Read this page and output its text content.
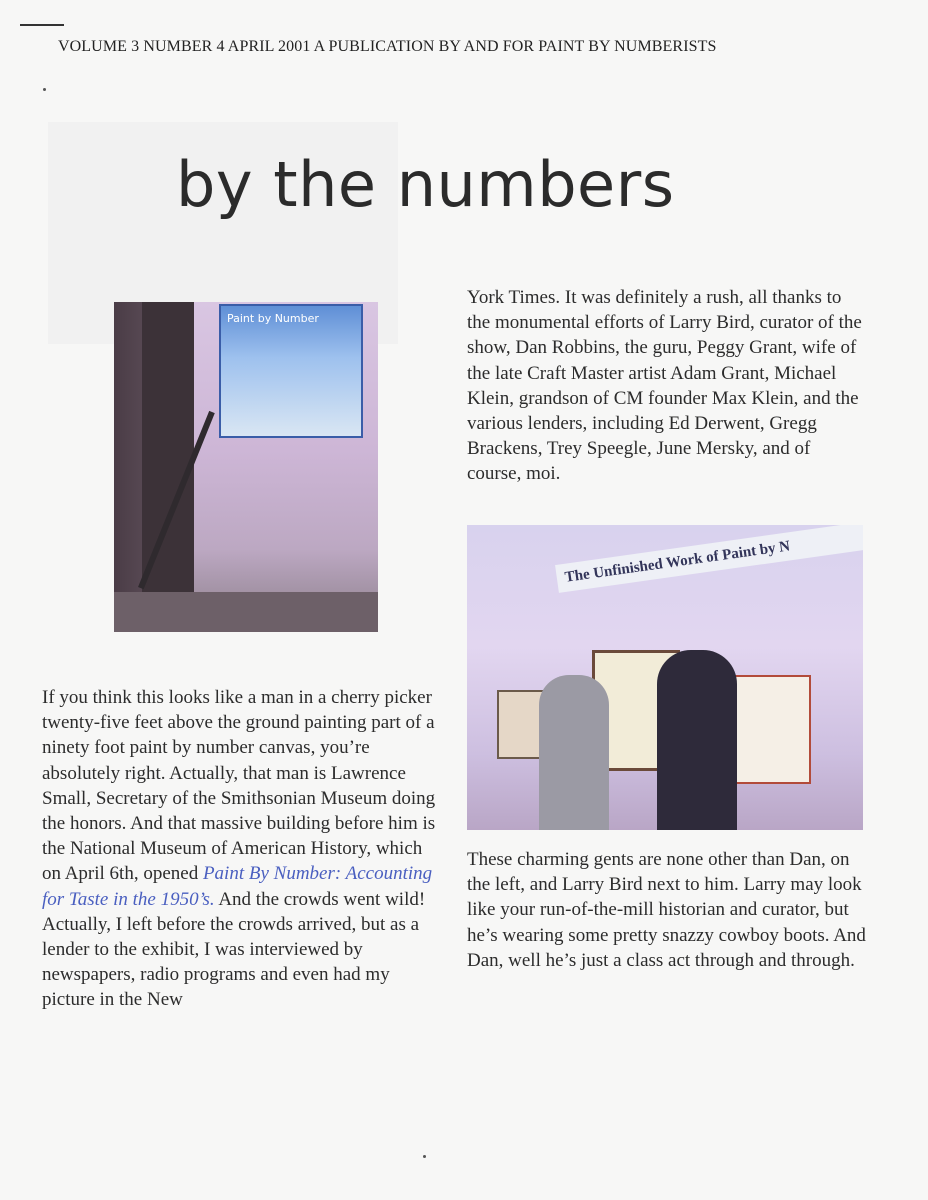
VOLUME 3 NUMBER 4 APRIL 2001 A PUBLICATION BY AND FOR PAINT BY NUMBERISTS
by the numbers
Paint by Number
If you think this looks like a man in a cherry picker twenty-five feet above the ground painting part of a ninety foot paint by number canvas, you’re absolutely right. Actually, that man is Lawrence Small, Secretary of the Smithsonian Museum doing the honors. And that massive building before him is the National Museum of American History, which on April 6th, opened Paint By Number: Accounting for Taste in the 1950’s. And the crowds went wild! Actually, I left before the crowds arrived, but as a lender to the exhibit, I was interviewed by newspapers, radio programs and even had my picture in the New
York Times. It was definitely a rush, all thanks to the monumental efforts of Larry Bird, curator of the show, Dan Robbins, the guru, Peggy Grant, wife of the late Craft Master artist Adam Grant, Michael Klein, grandson of CM founder Max Klein, and the various lenders, including Ed Derwent, Gregg Brackens, Trey Speegle, June Mersky, and of course, moi.
The Unfinished Work of Paint by N
These charming gents are none other than Dan, on the left, and Larry Bird next to him. Larry may look like your run-of-the-mill historian and curator, but he’s wearing some pretty snazzy cowboy boots. And Dan, well he’s just a class act through and through.
